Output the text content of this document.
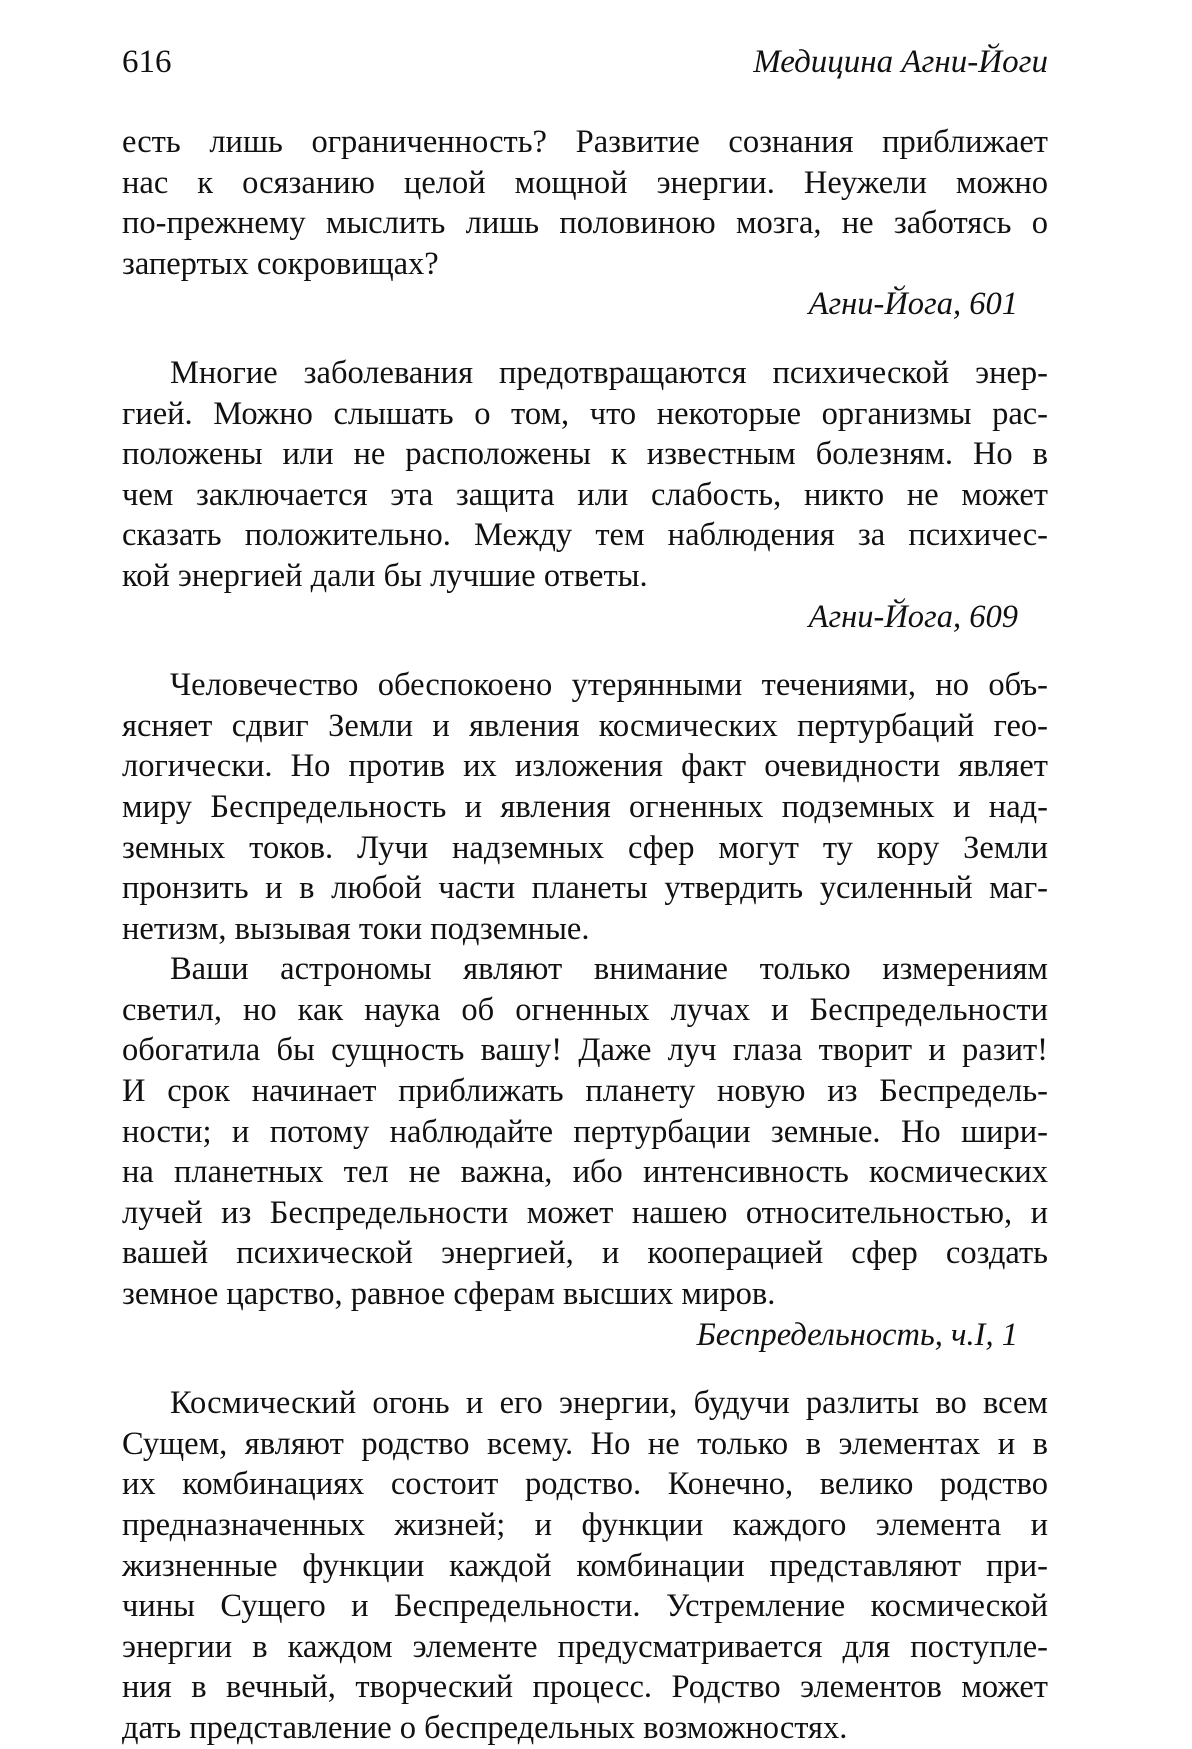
616	Медицина Агни-Йоги

есть лишь ограниченность? Развитие сознания приближает
нас к осязанию целой мощной энергии. Неужели можно
по-прежнему мыслить лишь половиною мозга, не заботясь о
запертых сокровищах?

Агни-Йога, 601

Многие заболевания предотвращаются психической энер-
гией. Можно слышать о том, что некоторые организмы рас-
положены или не расположены к известным болезням. Но в
чем заключается эта защита или слабость, никто не может
сказать положительно. Между тем наблюдения за психичес-
кой энергией дали бы лучшие ответы.

Агни-Йога, 609

Человечество обеспокоено утерянными течениями, но объ-
ясняет сдвиг Земли и явления космических пертурбаций гео-
логически. Но против их изложения факт очевидности являет
миру Беспредельность и явления огненных подземных и над-
земных токов. Лучи надземных сфер могут ту кору Земли
пронзить и в любой части планеты утвердить усиленный маг-
нетизм, вызывая токи подземные.

Ваши астрономы являют внимание только измерениям
светил, но как наука об огненных лучах и Беспредельности
обогатила бы сущность вашу! Даже луч глаза творит и разит!
И срок начинает приближать планету новую из Беспредель-
ности; и потому наблюдайте пертурбации земные. Но шири-
на планетных тел не важна, ибо интенсивность космических
лучей из Беспредельности может нашею относительностью, и
вашей психической энергией, и кооперацией сфер создать
земное царство, равное сферам высших миров.

Беспредельность, ч.I, 1

Космический огонь и его энергии, будучи разлиты во всем
Сущем, являют родство всему. Но не только в элементах и в
их комбинациях состоит родство. Конечно, велико родство
предназначенных жизней; и функции каждого элемента и
жизненные функции каждой комбинации представляют при-
чины Сущего и Беспредельности. Устремление космической
энергии в каждом элементе предусматривается для поступле-
ния в вечный, творческий процесс. Родство элементов может
дать представление о беспредельных возможностях.
